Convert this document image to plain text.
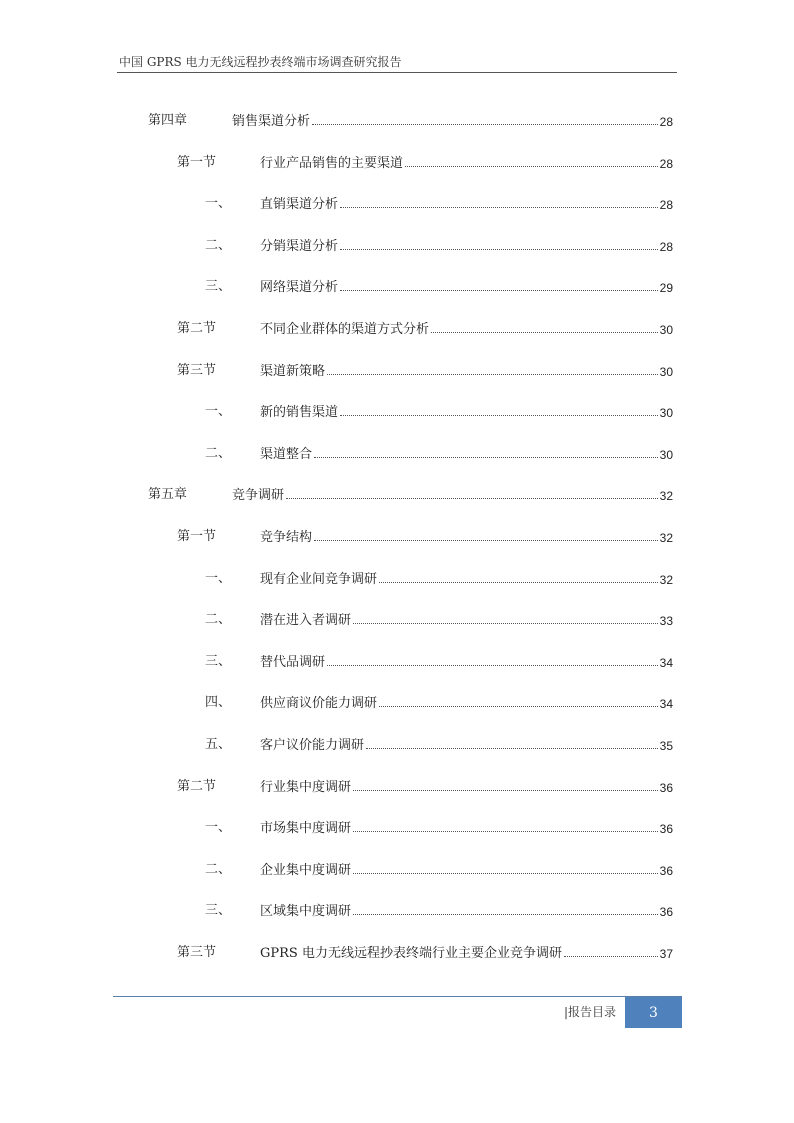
中国 GPRS 电力无线远程抄表终端市场调查研究报告
第四章	销售渠道分析	28
第一节	行业产品销售的主要渠道	28
一、 直销渠道分析	28
二、 分销渠道分析	28
三、 网络渠道分析	29
第二节	不同企业群体的渠道方式分析	30
第三节	渠道新策略	30
一、 新的销售渠道	30
二、 渠道整合	30
第五章	竞争调研	32
第一节	竞争结构	32
一、 现有企业间竞争调研	32
二、 潜在进入者调研	33
三、 替代品调研	34
四、 供应商议价能力调研	34
五、 客户议价能力调研	35
第二节	行业集中度调研	36
一、 市场集中度调研	36
二、 企业集中度调研	36
三、 区域集中度调研	36
第三节	GPRS 电力无线远程抄表终端行业主要企业竞争调研	37
|报告目录 3
